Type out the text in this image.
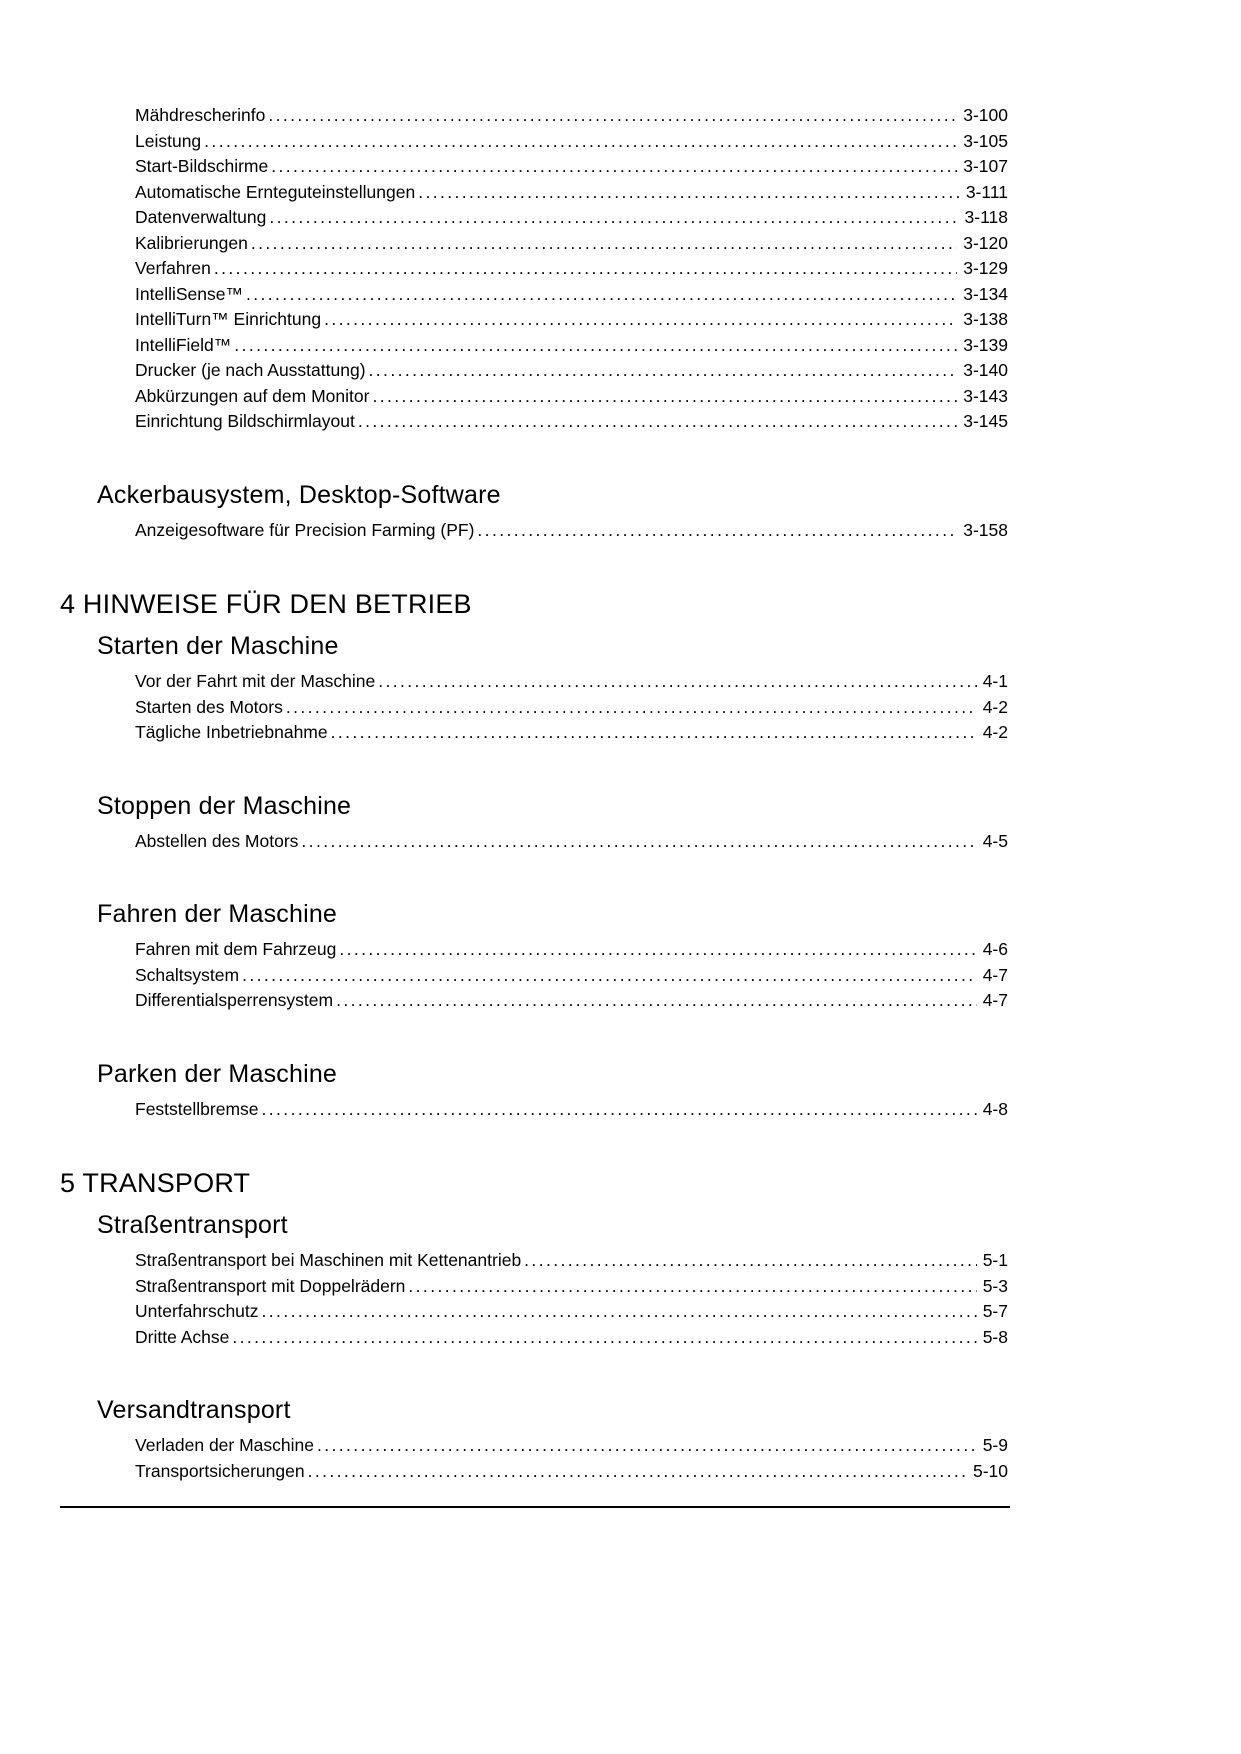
Mähdrescherinfo .....	3-100
Leistung .....	3-105
Start-Bildschirme .....	3-107
Automatische Ernteguteinstellungen .....	3-111
Datenverwaltung .....	3-118
Kalibrierungen .....	3-120
Verfahren .....	3-129
IntelliSense™ .....	3-134
IntelliTurn™ Einrichtung .....	3-138
IntelliField™ .....	3-139
Drucker (je nach Ausstattung) .....	3-140
Abkürzungen auf dem Monitor .....	3-143
Einrichtung Bildschirmlayout .....	3-145
Ackerbausystem, Desktop-Software
Anzeigesoftware für Precision Farming (PF) .....	3-158
4 HINWEISE FÜR DEN BETRIEB
Starten der Maschine
Vor der Fahrt mit der Maschine .....	4-1
Starten des Motors .....	4-2
Tägliche Inbetriebnahme .....	4-2
Stoppen der Maschine
Abstellen des Motors .....	4-5
Fahren der Maschine
Fahren mit dem Fahrzeug .....	4-6
Schaltsystem .....	4-7
Differentialsperrensystem .....	4-7
Parken der Maschine
Feststellbremse .....	4-8
5 TRANSPORT
Straßentransport
Straßentransport bei Maschinen mit Kettenantrieb .....	5-1
Straßentransport mit Doppelrädern .....	5-3
Unterfahrschutz .....	5-7
Dritte Achse .....	5-8
Versandtransport
Verladen der Maschine .....	5-9
Transportsicherungen .....	5-10
